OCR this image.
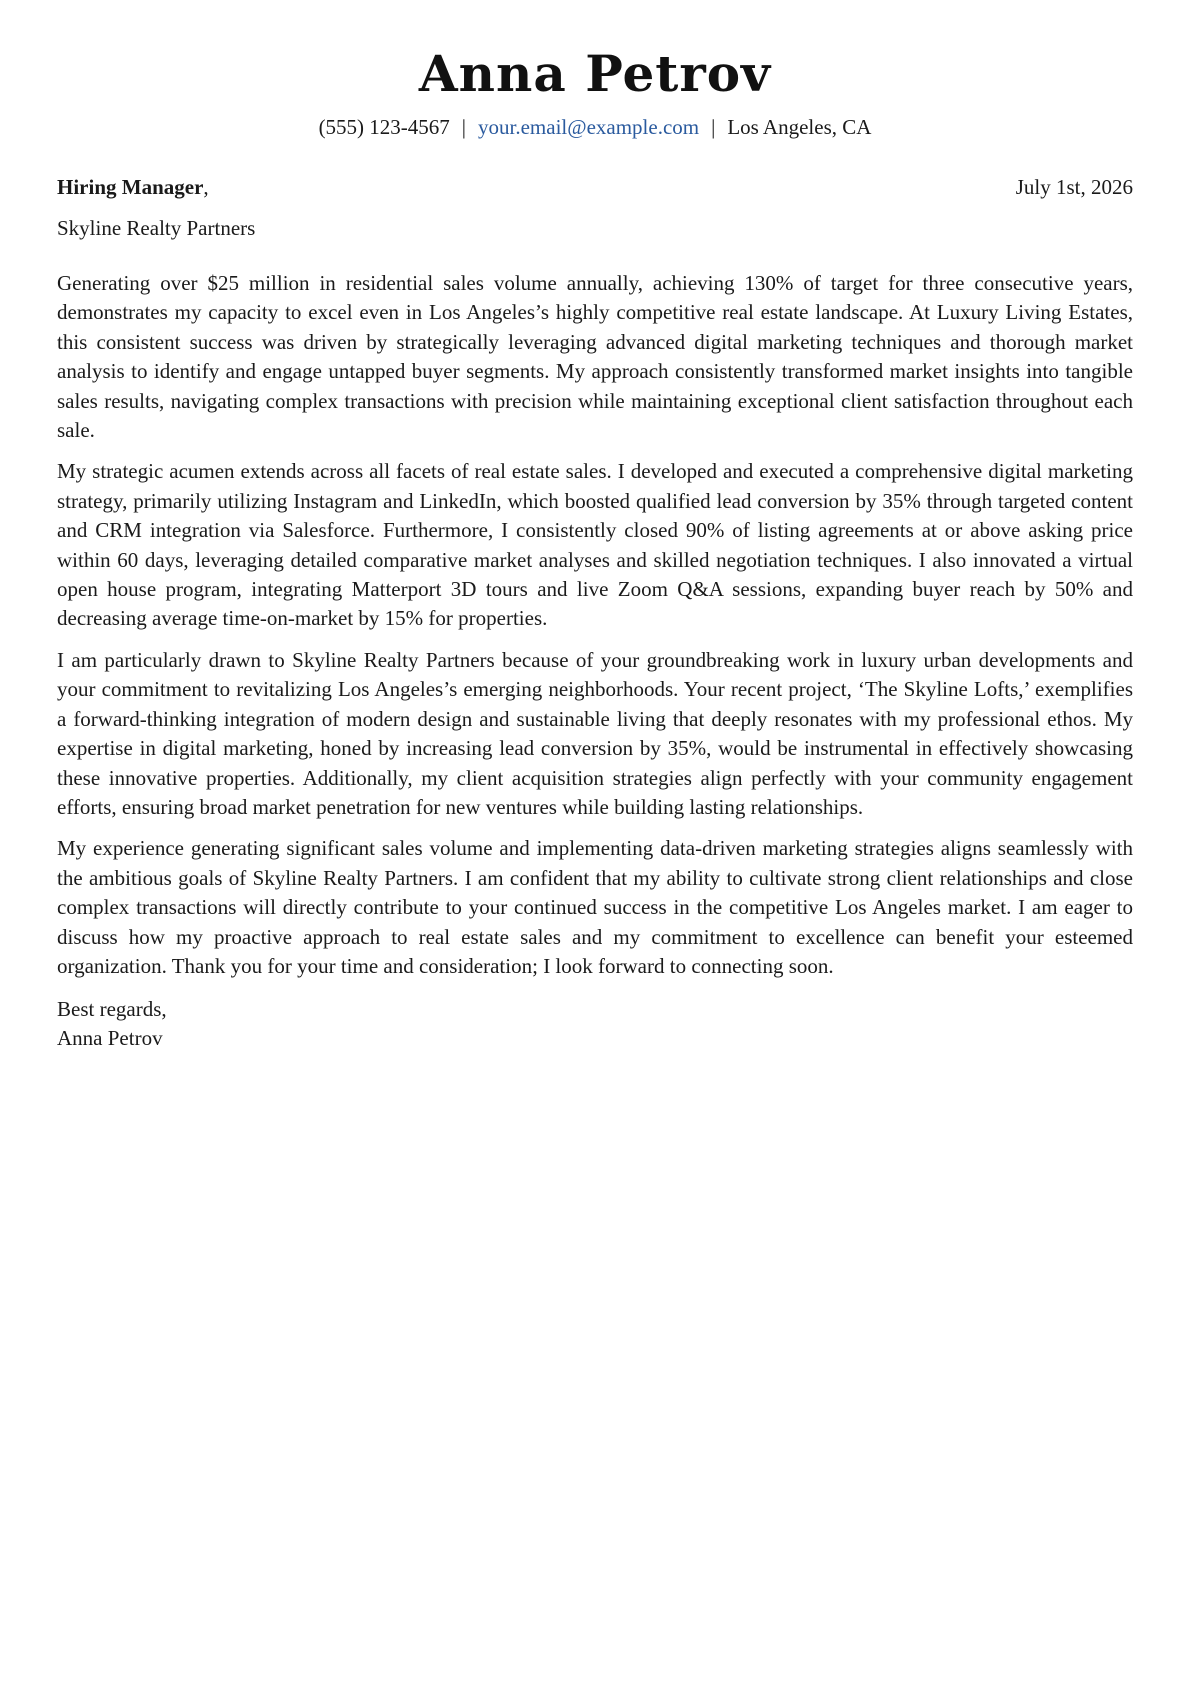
Anna Petrov
(555) 123-4567 | your.email@example.com | Los Angeles, CA
Hiring Manager,	July 1st, 2026
Skyline Realty Partners

Generating over $25 million in residential sales volume annually, achieving 130% of target for three consecutive years, demonstrates my capacity to excel even in Los Angeles’s highly competitive real estate landscape. At Luxury Living Estates, this consistent success was driven by strategically leveraging advanced digital marketing techniques and thorough market analysis to identify and engage untapped buyer segments. My approach consistently transformed market insights into tangible sales results, navigating complex transactions with precision while maintaining exceptional client satisfaction throughout each sale.

My strategic acumen extends across all facets of real estate sales. I developed and executed a comprehensive digital marketing strategy, primarily utilizing Instagram and LinkedIn, which boosted qualified lead conversion by 35% through targeted content and CRM integration via Salesforce. Furthermore, I consistently closed 90% of listing agreements at or above asking price within 60 days, leveraging detailed comparative market analyses and skilled negotiation techniques. I also innovated a virtual open house program, integrating Matterport 3D tours and live Zoom Q&A sessions, expanding buyer reach by 50% and decreasing average time-on-market by 15% for properties.

I am particularly drawn to Skyline Realty Partners because of your groundbreaking work in luxury urban developments and your commitment to revitalizing Los Angeles’s emerging neighborhoods. Your recent project, ‘The Skyline Lofts,’ exemplifies a forward-thinking integration of modern design and sustainable living that deeply resonates with my professional ethos. My expertise in digital marketing, honed by increasing lead conversion by 35%, would be instrumental in effectively showcasing these innovative properties. Additionally, my client acquisition strategies align perfectly with your community engagement efforts, ensuring broad market penetration for new ventures while building lasting relationships.

My experience generating significant sales volume and implementing data-driven marketing strategies aligns seamlessly with the ambitious goals of Skyline Realty Partners. I am confident that my ability to cultivate strong client relationships and close complex transactions will directly contribute to your continued success in the competitive Los Angeles market. I am eager to discuss how my proactive approach to real estate sales and my commitment to excellence can benefit your esteemed organization. Thank you for your time and consideration; I look forward to connecting soon.

Best regards,
Anna Petrov
